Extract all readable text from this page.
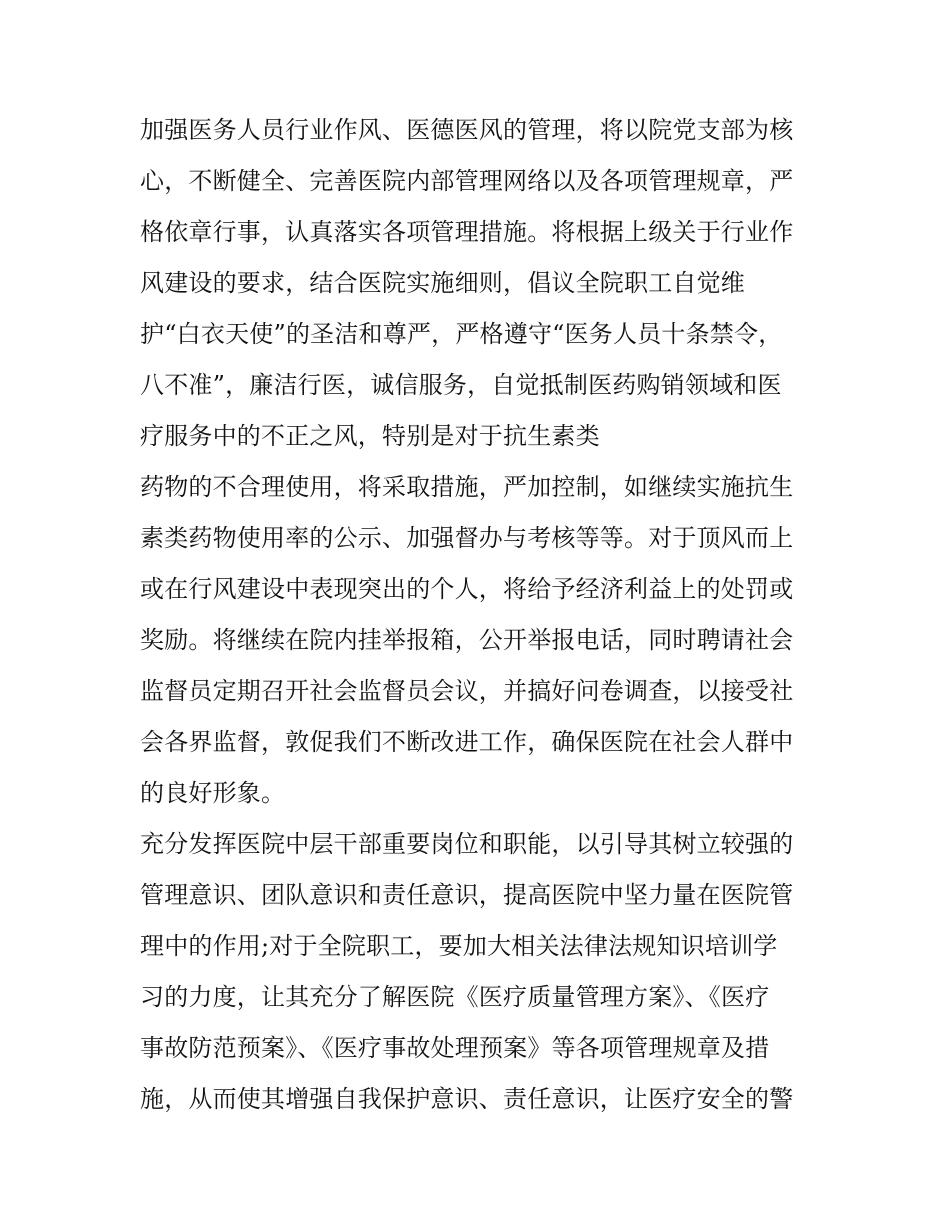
加强医务人员行业作风、医德医风的管理，将以院党支部为核
心，不断健全、完善医院内部管理网络以及各项管理规章，严
格依章行事，认真落实各项管理措施。将根据上级关于行业作
风建设的要求，结合医院实施细则，倡议全院职工自觉维
护“白衣天使”的圣洁和尊严，严格遵守“医务人员十条禁令，
八不准”，廉洁行医，诚信服务，自觉抵制医药购销领域和医
疗服务中的不正之风，特别是对于抗生素类
药物的不合理使用，将采取措施，严加控制，如继续实施抗生
素类药物使用率的公示、加强督办与考核等等。对于顶风而上
或在行风建设中表现突出的个人，将给予经济利益上的处罚或
奖励。将继续在院内挂举报箱，公开举报电话，同时聘请社会
监督员定期召开社会监督员会议，并搞好问卷调查，以接受社
会各界监督，敦促我们不断改进工作，确保医院在社会人群中
的良好形象。
充分发挥医院中层干部重要岗位和职能，以引导其树立较强的
管理意识、团队意识和责任意识，提高医院中坚力量在医院管
理中的作用;对于全院职工，要加大相关法律法规知识培训学
习的力度，让其充分了解医院《医疗质量管理方案》、《医疗
事故防范预案》、《医疗事故处理预案》等各项管理规章及措
施，从而使其增强自我保护意识、责任意识，让医疗安全的警
